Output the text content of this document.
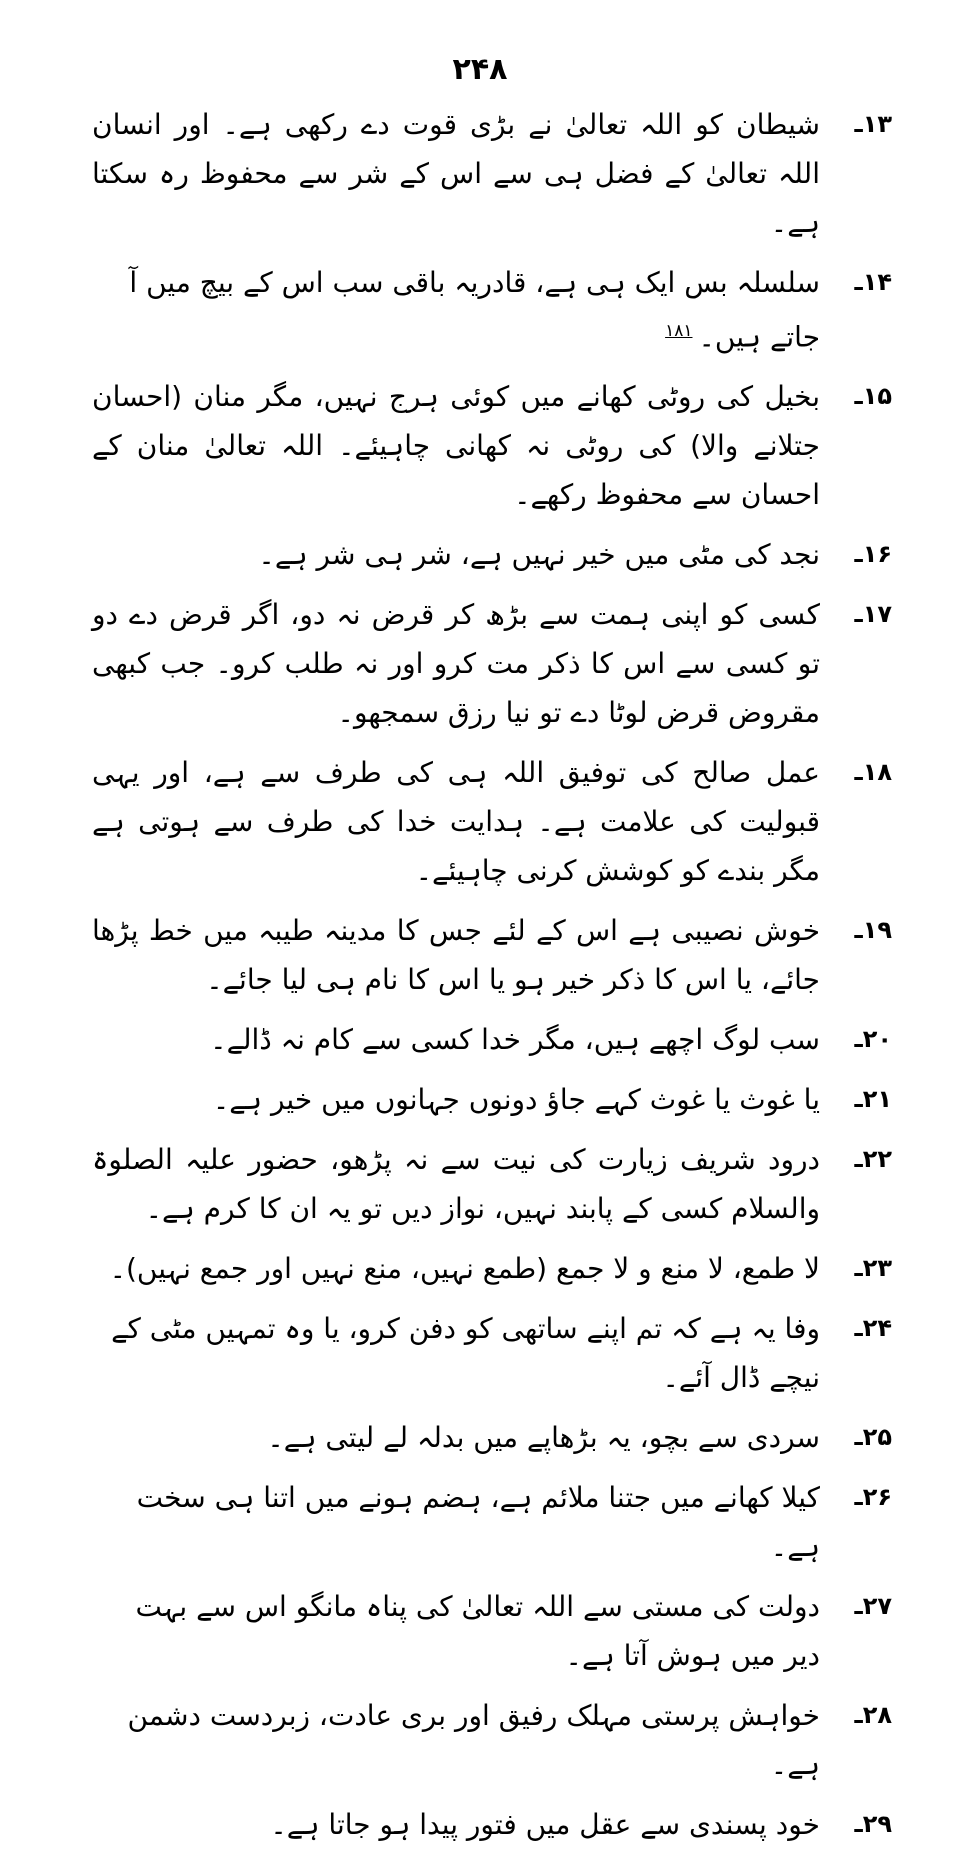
۲۴۸
۱۳ـ
شیطان کو اللہ تعالیٰ نے بڑی قوت دے رکھی ہے۔ اور انسان اللہ تعالیٰ کے فضل ہی سے اس کے شر سے محفوظ رہ سکتا ہے۔
۱۴ـ
سلسلہ بس ایک ہی ہے، قادریہ باقی سب اس کے بیچ میں آ جاتے ہیں۔$^{۱۸۱}$
۱۵ـ
بخیل کی روٹی کھانے میں کوئی ہرج نہیں، مگر منان (احسان جتلانے والا) کی روٹی نہ کھانی چاہیئے۔ اللہ تعالیٰ منان کے احسان سے محفوظ رکھے۔
۱۶ـ
نجد کی مٹی میں خیر نہیں ہے، شر ہی شر ہے۔
۱۷ـ
کسی کو اپنی ہمت سے بڑھ کر قرض نہ دو، اگر قرض دے دو تو کسی سے اس کا ذکر مت کرو اور نہ طلب کرو۔ جب کبھی مقروض قرض لوٹا دے تو نیا رزق سمجھو۔
۱۸ـ
عمل صالح کی توفیق اللہ ہی کی طرف سے ہے، اور یہی قبولیت کی علامت ہے۔ ہدایت خدا کی طرف سے ہوتی ہے مگر بندے کو کوشش کرنی چاہیئے۔
۱۹ـ
خوش نصیبی ہے اس کے لئے جس کا مدینہ طیبہ میں خط پڑھا جائے، یا اس کا ذکر خیر ہو یا اس کا نام ہی لیا جائے۔
۲۰ـ
سب لوگ اچھے ہیں، مگر خدا کسی سے کام نہ ڈالے۔
۲۱ـ
یا غوث یا غوث کہے جاؤ دونوں جہانوں میں خیر ہے۔
۲۲ـ
درود شریف زیارت کی نیت سے نہ پڑھو، حضور علیہ الصلوۃ والسلام کسی کے پابند نہیں، نواز دیں تو یہ ان کا کرم ہے۔
۲۳ـ
لا طمع، لا منع و لا جمع (طمع نہیں، منع نہیں اور جمع نہیں)۔
۲۴ـ
وفا یہ ہے کہ تم اپنے ساتھی کو دفن کرو، یا وہ تمہیں مٹی کے نیچے ڈال آئے۔
۲۵ـ
سردی سے بچو، یہ بڑھاپے میں بدلہ لے لیتی ہے۔
۲۶ـ
کیلا کھانے میں جتنا ملائم ہے، ہضم ہونے میں اتنا ہی سخت ہے۔
۲۷ـ
دولت کی مستی سے اللہ تعالیٰ کی پناہ مانگو اس سے بہت دیر میں ہوش آتا ہے۔
۲۸ـ
خواہش پرستی مہلک رفیق اور بری عادت، زبردست دشمن ہے۔
۲۹ـ
خود پسندی سے عقل میں فتور پیدا ہو جاتا ہے۔
